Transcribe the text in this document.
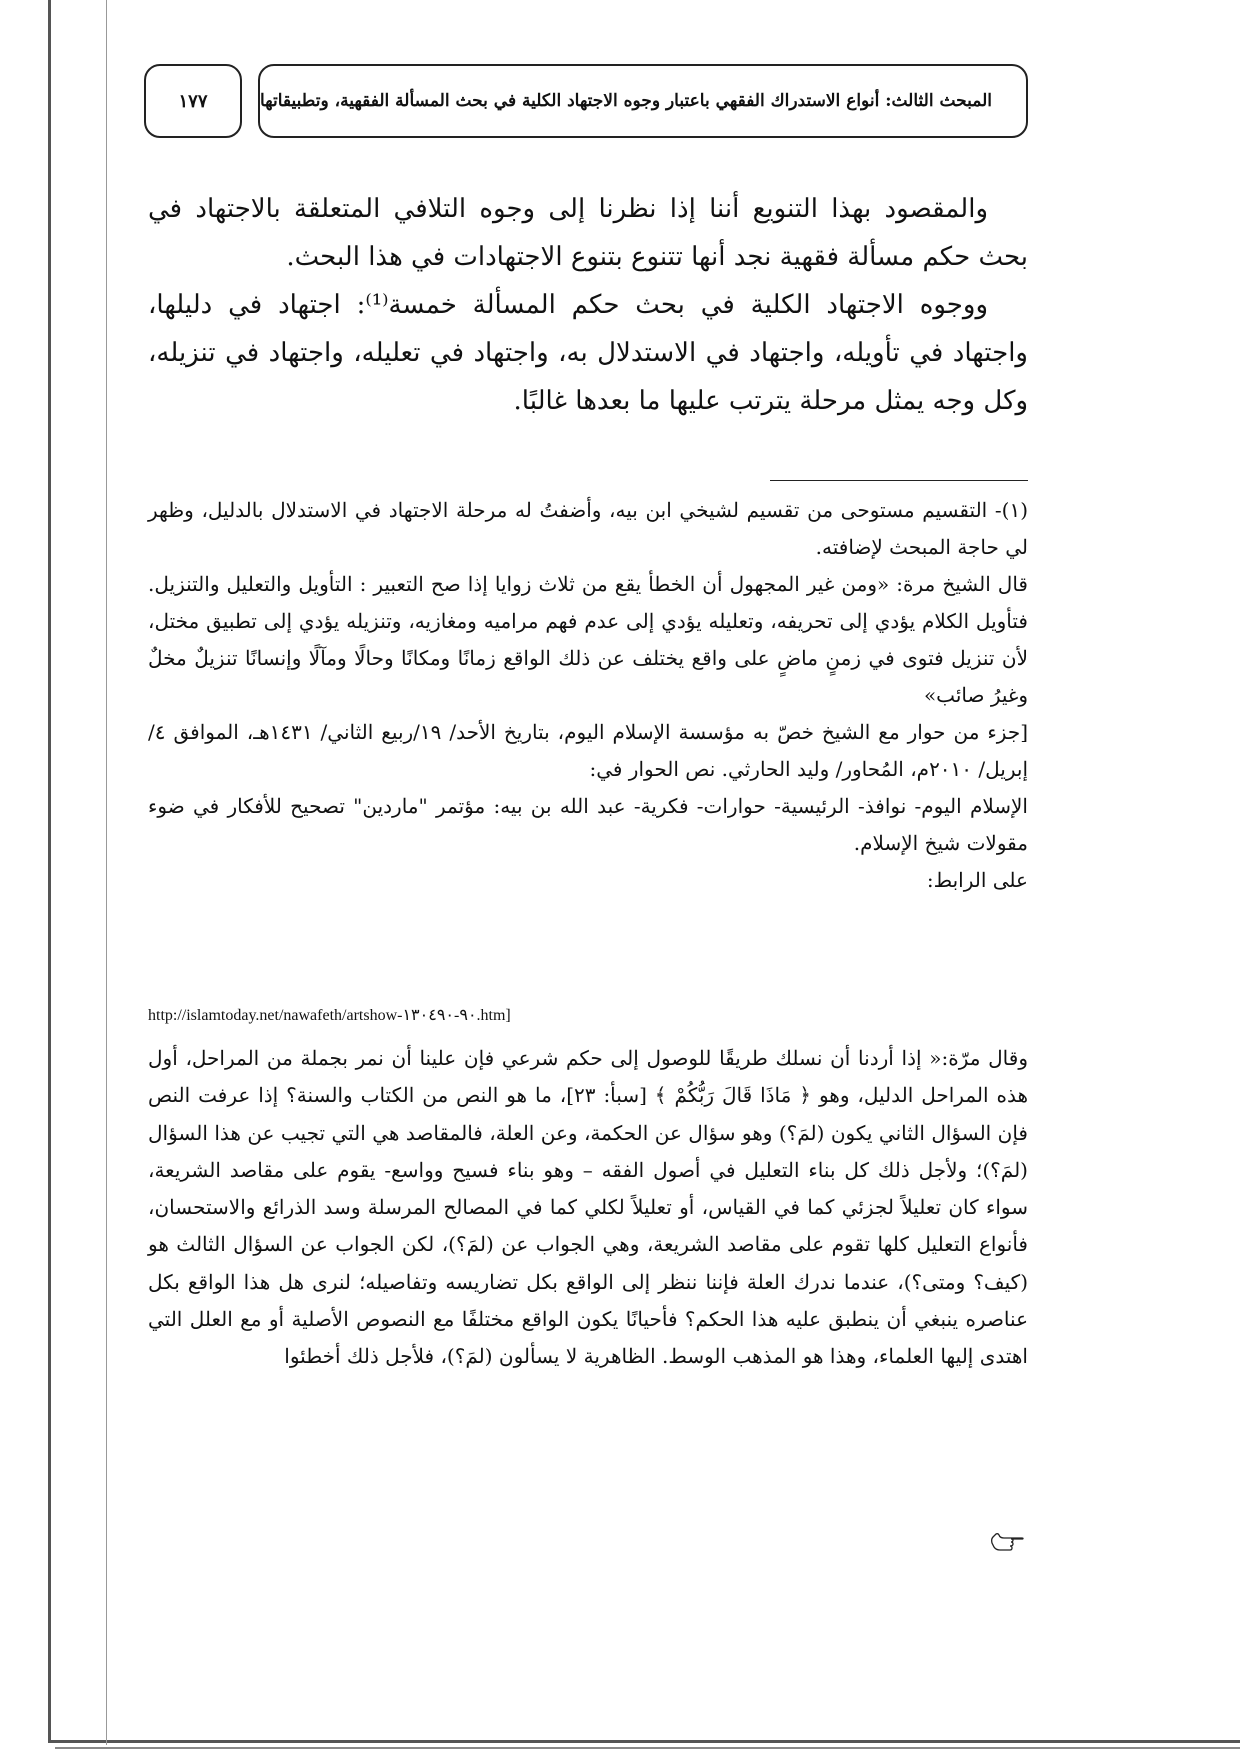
المبحث الثالث: أنواع الاستدراك الفقهي باعتبار وجوه الاجتهاد الكلية في بحث المسألة الفقهية، وتطبيقاتها
١٧٧

والمقصود بهذا التنويع أننا إذا نظرنا إلى وجوه التلافي المتعلقة بالاجتهاد في بحث حكم مسألة فقهية نجد أنها تتنوع بتنوع الاجتهادات في هذا البحث.

ووجوه الاجتهاد الكلية في بحث حكم المسألة خمسة⁽¹⁾: اجتهاد في دليلها، واجتهاد في تأويله، واجتهاد في الاستدلال به، واجتهاد في تعليله، واجتهاد في تنزيله، وكل وجه يمثل مرحلة يترتب عليها ما بعدها غالبًا.

(١)- التقسيم مستوحى من تقسيم لشيخي ابن بيه، وأضفتُ له مرحلة الاجتهاد في الاستدلال بالدليل، وظهر لي حاجة المبحث لإضافته.

قال الشيخ مرة: «ومن غير المجهول أن الخطأ يقع من ثلاث زوايا إذا صح التعبير : التأويل والتعليل والتنزيل. فتأويل الكلام يؤدي إلى تحريفه، وتعليله يؤدي إلى عدم فهم مراميه ومغازيه، وتنزيله يؤدي إلى تطبيق مختل، لأن تنزيل فتوى في زمنٍ ماضٍ على واقع يختلف عن ذلك الواقع زمانًا ومكانًا وحالًا ومآلًا وإنسانًا تنزيلٌ مخلٌ وغيرُ صائب»

[جزء من حوار مع الشيخ خصّ به مؤسسة الإسلام اليوم، بتاريخ الأحد/ ١٩/ربيع الثاني/ ١٤٣١هـ، الموافق ٤/إبريل/ ٢٠١٠م، المُحاور/ وليد الحارثي. نص الحوار في:

الإسلام اليوم- نوافذ- الرئيسية- حوارات- فكرية- عبد الله بن بيه: مؤتمر "ماردين" تصحيح للأفكار في ضوء مقولات شيخ الإسلام.

على الرابط:

http://islamtoday.net/nawafeth/artshow-٩٠-١٣٠٤٩٠.htm]

وقال مرّة:« إذا أردنا أن نسلك طريقًا للوصول إلى حكم شرعي فإن علينا أن نمر بجملة من المراحل، أول هذه المراحل الدليل، وهو ﴿ مَاذَا قَالَ رَبُّكُمْ ﴾ [سبأ: ٢٣]، ما هو النص من الكتاب والسنة؟ إذا عرفت النص فإن السؤال الثاني يكون (لمَ؟) وهو سؤال عن الحكمة، وعن العلة، فالمقاصد هي التي تجيب عن هذا السؤال (لمَ؟)؛ ولأجل ذلك كل بناء التعليل في أصول الفقه – وهو بناء فسيح وواسع- يقوم على مقاصد الشريعة، سواء كان تعليلاً لجزئي كما في القياس، أو تعليلاً لكلي كما في المصالح المرسلة وسد الذرائع والاستحسان، فأنواع التعليل كلها تقوم على مقاصد الشريعة، وهي الجواب عن (لمَ؟)، لكن الجواب عن السؤال الثالث هو (كيف؟ ومتى؟)، عندما ندرك العلة فإننا ننظر إلى الواقع بكل تضاريسه وتفاصيله؛ لنرى هل هذا الواقع بكل عناصره ينبغي أن ينطبق عليه هذا الحكم؟ فأحيانًا يكون الواقع مختلفًا مع النصوص الأصلية أو مع العلل التي اهتدى إليها العلماء، وهذا هو المذهب الوسط. الظاهرية لا يسألون (لمَ؟)، فلأجل ذلك أخطئوا
